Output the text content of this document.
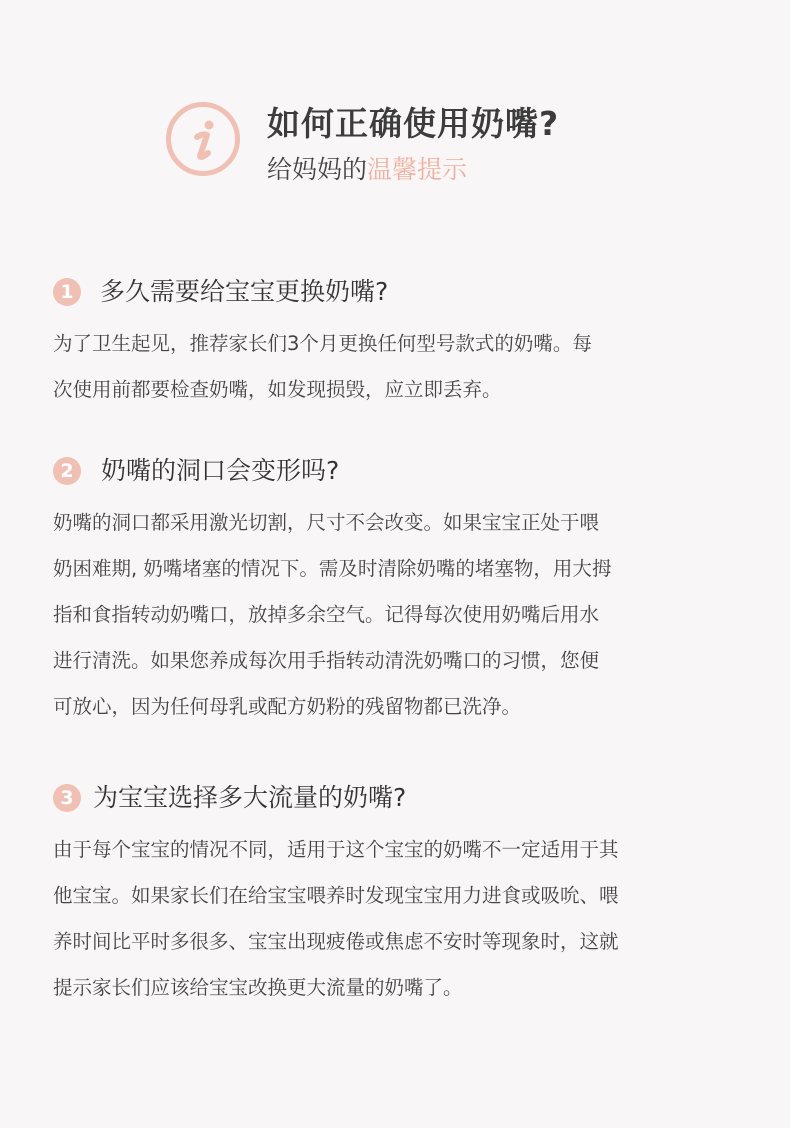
如何正确使用奶嘴?
给妈妈的温馨提示
1 多久需要给宝宝更换奶嘴?
为了卫生起见，推荐家长们3个月更换任何型号款式的奶嘴。每
次使用前都要检查奶嘴，如发现损毁，应立即丢弃。
2 奶嘴的洞口会变形吗?
奶嘴的洞口都采用激光切割，尺寸不会改变。如果宝宝正处于喂
奶困难期, 奶嘴堵塞的情况下。需及时清除奶嘴的堵塞物，用大拇
指和食指转动奶嘴口，放掉多余空气。记得每次使用奶嘴后用水
进行清洗。如果您养成每次用手指转动清洗奶嘴口的习惯，您便
可放心，因为任何母乳或配方奶粉的残留物都已洗净。
3 为宝宝选择多大流量的奶嘴?
由于每个宝宝的情况不同，适用于这个宝宝的奶嘴不一定适用于其
他宝宝。如果家长们在给宝宝喂养时发现宝宝用力进食或吸吮、喂
养时间比平时多很多、宝宝出现疲倦或焦虑不安时等现象时，这就
提示家长们应该给宝宝改换更大流量的奶嘴了。
